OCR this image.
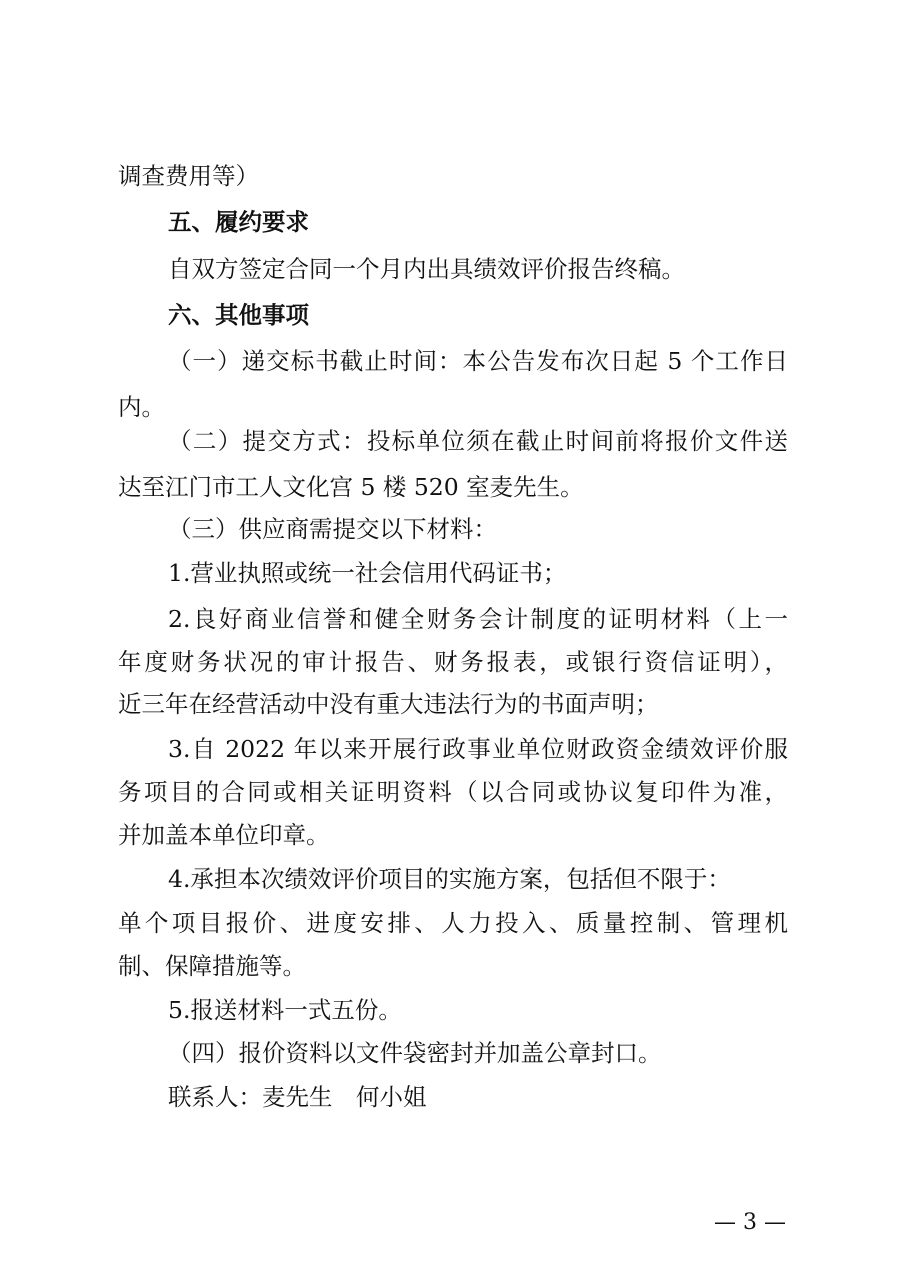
调查费用等）
五、履约要求
自双方签定合同一个月内出具绩效评价报告终稿。
六、其他事项
（一）递交标书截止时间：本公告发布次日起 5 个工作日
内。
（二）提交方式：投标单位须在截止时间前将报价文件送
达至江门市工人文化宫 5 楼 520 室麦先生。
（三）供应商需提交以下材料：
1.营业执照或统一社会信用代码证书；
2.良好商业信誉和健全财务会计制度的证明材料（上一
年度财务状况的审计报告、财务报表，或银行资信证明），
近三年在经营活动中没有重大违法行为的书面声明；
3.自 2022 年以来开展行政事业单位财政资金绩效评价服
务项目的合同或相关证明资料（以合同或协议复印件为准，
并加盖本单位印章。
4.承担本次绩效评价项目的实施方案，包括但不限于：
单个项目报价、进度安排、人力投入、质量控制、管理机
制、保障措施等。
5.报送材料一式五份。
（四）报价资料以文件袋密封并加盖公章封口。
联系人：麦先生　何小姐
— 3 —
